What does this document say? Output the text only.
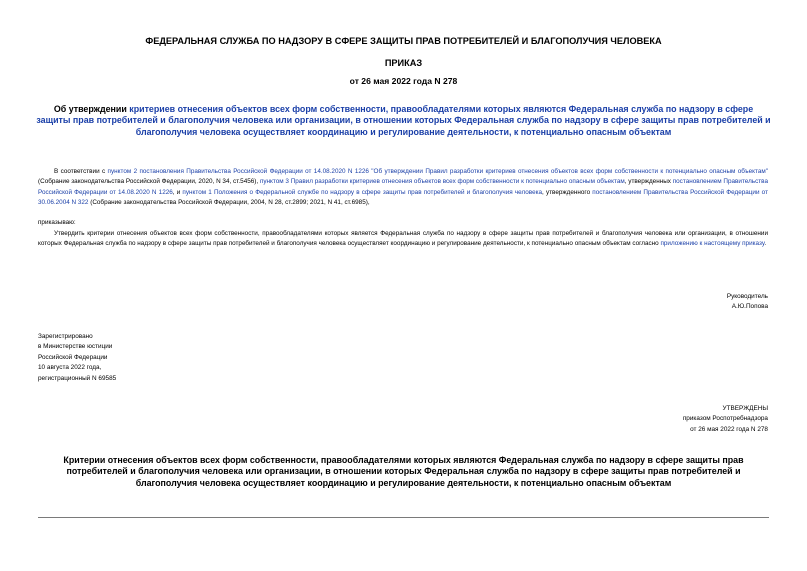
ФЕДЕРАЛЬНАЯ СЛУЖБА ПО НАДЗОРУ В СФЕРЕ ЗАЩИТЫ ПРАВ ПОТРЕБИТЕЛЕЙ И БЛАГОПОЛУЧИЯ ЧЕЛОВЕКА
ПРИКАЗ
от 26 мая 2022 года N 278
Об утверждении критериев отнесения объектов всех форм собственности, правообладателями которых являются Федеральная служба по надзору в сфере защиты прав потребителей и благополучия человека или организации, в отношении которых Федеральная служба по надзору в сфере защиты прав потребителей и благополучия человека осуществляет координацию и регулирование деятельности, к потенциально опасным объектам
В соответствии с пунктом 2 постановления Правительства Российской Федерации от 14.08.2020 N 1226 "Об утверждении Правил разработки критериев отнесения объектов всех форм собственности к потенциально опасным объектам" (Собрание законодательства Российской Федерации, 2020, N 34, ст.5456), пунктом 3 Правил разработки критериев отнесения объектов всех форм собственности к потенциально опасным объектам, утвержденных постановлением Правительства Российской Федерации от 14.08.2020 N 1226, и пунктом 1 Положения о Федеральной службе по надзору в сфере защиты прав потребителей и благополучия человека, утвержденного постановлением Правительства Российской Федерации от 30.06.2004 N 322 (Собрание законодательства Российской Федерации, 2004, N 28, ст.2899; 2021, N 41, ст.6985),
приказываю:
Утвердить критерии отнесения объектов всех форм собственности, правообладателями которых является Федеральная служба по надзору в сфере защиты прав потребителей и благополучия человека или организации, в отношении которых Федеральная служба по надзору в сфере защиты прав потребителей и благополучия человека осуществляет координацию и регулирование деятельности, к потенциально опасным объектам согласно приложению к настоящему приказу.
Руководитель
А.Ю.Попова
Зарегистрировано
в Министерстве юстиции
Российской Федерации
10 августа 2022 года,
регистрационный N 69585
УТВЕРЖДЕНЫ
приказом Роспотребнадзора
от 26 мая 2022 года N 278
Критерии отнесения объектов всех форм собственности, правообладателями которых являются Федеральная служба по надзору в сфере защиты прав потребителей и благополучия человека или организации, в отношении которых Федеральная служба по надзору в сфере защиты прав потребителей и благополучия человека осуществляет координацию и регулирование деятельности, к потенциально опасным объектам
